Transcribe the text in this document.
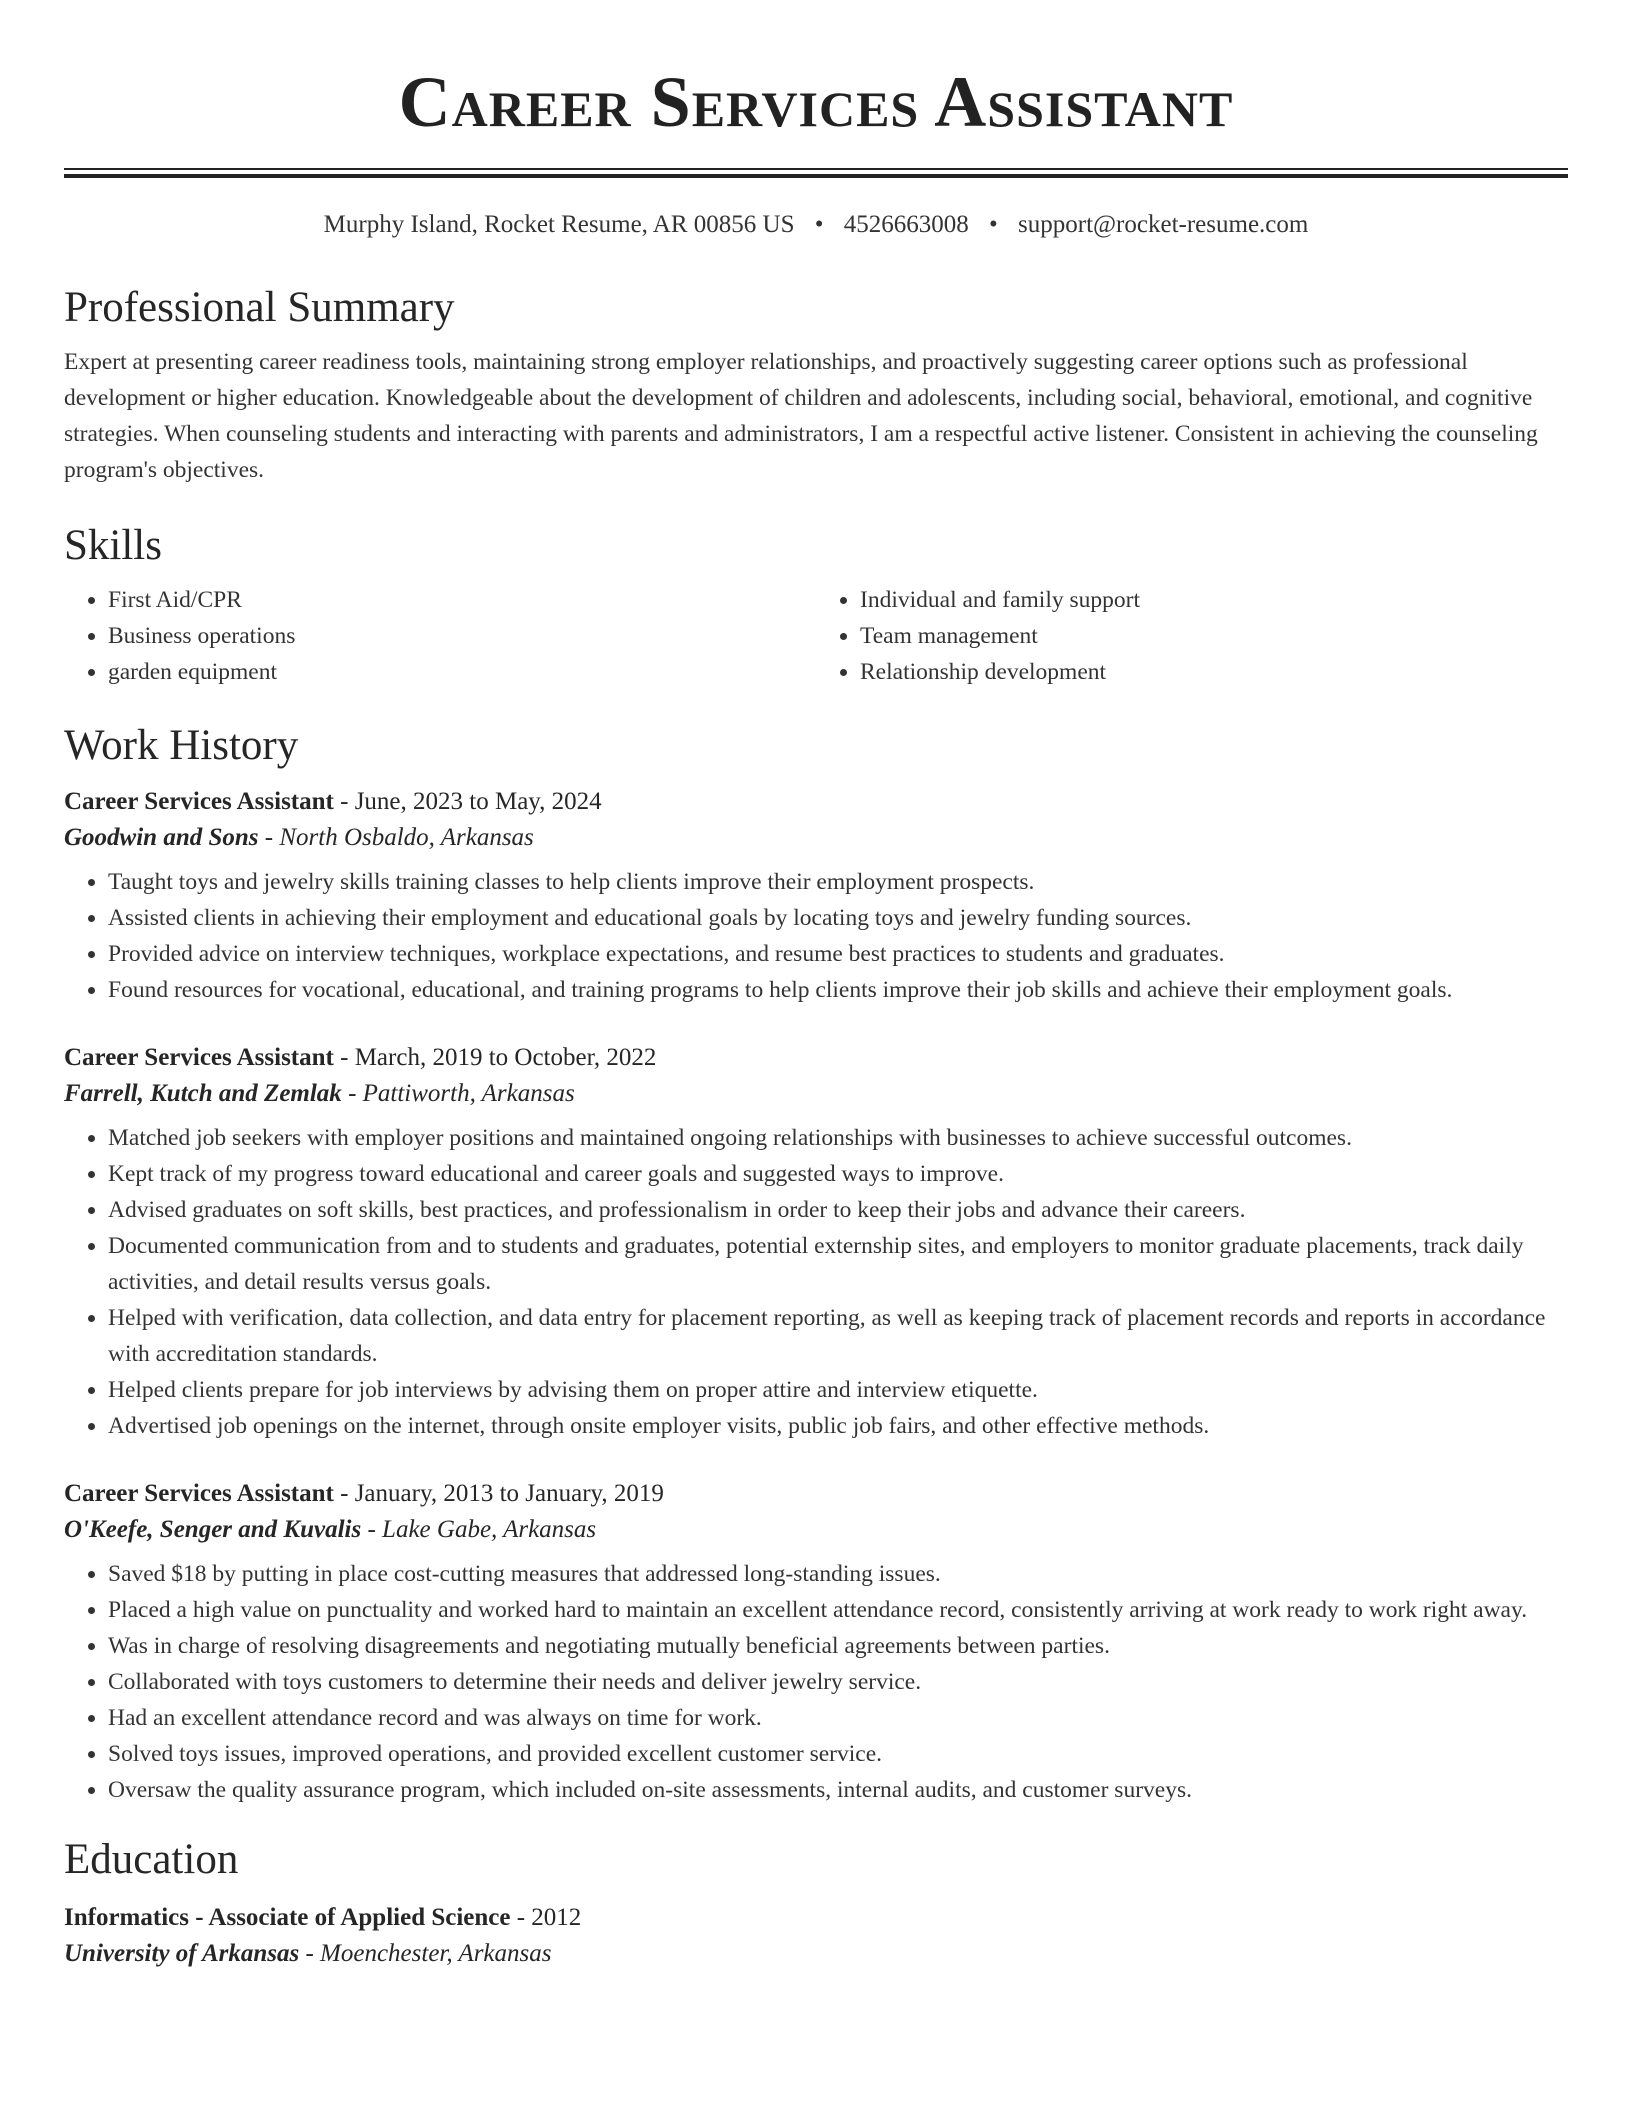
Career Services Assistant
Murphy Island, Rocket Resume, AR 00856 US • 4526663008 • support@rocket-resume.com
Professional Summary

Expert at presenting career readiness tools, maintaining strong employer relationships, and proactively suggesting career options such as professional development or higher education. Knowledgeable about the development of children and adolescents, including social, behavioral, emotional, and cognitive strategies. When counseling students and interacting with parents and administrators, I am a respectful active listener. Consistent in achieving the counseling program's objectives.

Skills
• First Aid/CPR
• Business operations
• garden equipment
• Individual and family support
• Team management
• Relationship development
Work History

Career Services Assistant - June, 2023 to May, 2024

Goodwin and Sons - North Osbaldo, Arkansas

• Taught toys and jewelry skills training classes to help clients improve their employment prospects.
• Assisted clients in achieving their employment and educational goals by locating toys and jewelry funding sources.
• Provided advice on interview techniques, workplace expectations, and resume best practices to students and graduates.
• Found resources for vocational, educational, and training programs to help clients improve their job skills and achieve their employment goals.

Career Services Assistant - March, 2019 to October, 2022

Farrell, Kutch and Zemlak - Pattiworth, Arkansas

• Matched job seekers with employer positions and maintained ongoing relationships with businesses to achieve successful outcomes.
• Kept track of my progress toward educational and career goals and suggested ways to improve.
• Advised graduates on soft skills, best practices, and professionalism in order to keep their jobs and advance their careers.
• Documented communication from and to students and graduates, potential externship sites, and employers to monitor graduate placements, track daily activities, and detail results versus goals.
• Helped with verification, data collection, and data entry for placement reporting, as well as keeping track of placement records and reports in accordance with accreditation standards.
• Helped clients prepare for job interviews by advising them on proper attire and interview etiquette.
• Advertised job openings on the internet, through onsite employer visits, public job fairs, and other effective methods.

Career Services Assistant - January, 2013 to January, 2019

O'Keefe, Senger and Kuvalis - Lake Gabe, Arkansas

• Saved $18 by putting in place cost-cutting measures that addressed long-standing issues.
• Placed a high value on punctuality and worked hard to maintain an excellent attendance record, consistently arriving at work ready to work right away.
• Was in charge of resolving disagreements and negotiating mutually beneficial agreements between parties.
• Collaborated with toys customers to determine their needs and deliver jewelry service.
• Had an excellent attendance record and was always on time for work.
• Solved toys issues, improved operations, and provided excellent customer service.
• Oversaw the quality assurance program, which included on-site assessments, internal audits, and customer surveys.
Education

Informatics - Associate of Applied Science - 2012

University of Arkansas - Moenchester, Arkansas
